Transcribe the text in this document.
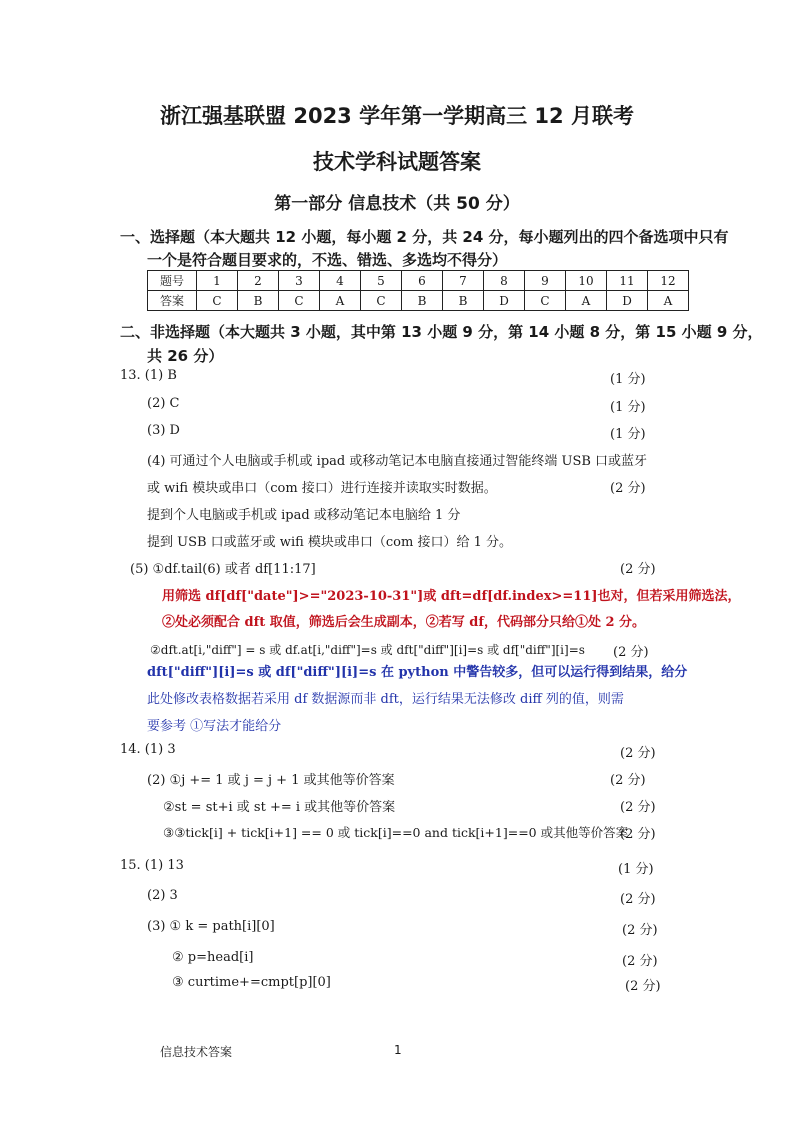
浙江强基联盟 2023 学年第一学期高三 12 月联考
技术学科试题答案
第一部分 信息技术（共 50 分）
一、选择题（本大题共 12 小题，每小题 2 分，共 24 分，每小题列出的四个备选项中只有
一个是符合题目要求的，不选、错选、多选均不得分）
题号	1	2	3	4	5	6	7	8	9	10	11	12
答案	C	B	C	A	C	B	B	D	C	A	D	A
二、非选择题（本大题共 3 小题，其中第 13 小题 9 分，第 14 小题 8 分，第 15 小题 9 分，
共 26 分）
13. (1) B	(1 分)
(2) C	(1 分)
(3) D	(1 分)
(4) 可通过个人电脑或手机或 ipad 或移动笔记本电脑直接通过智能终端 USB 口或蓝牙
或 wifi 模块或串口（com 接口）进行连接并读取实时数据。	(2 分)
提到个人电脑或手机或 ipad 或移动笔记本电脑给 1 分
提到 USB 口或蓝牙或 wifi 模块或串口（com 接口）给 1 分。
(5) ①df.tail(6) 或者 df[11:17]	(2 分)
用筛选 df[df["date"]>="2023-10-31"]或 dft=df[df.index>=11]也对，但若采用筛选法，
②处必须配合 dft 取值，筛选后会生成副本，②若写 df，代码部分只给①处 2 分。
②dft.at[i,"diff"] = s 或 df.at[i,"diff"]=s 或 dft["diff"][i]=s 或 df["diff"][i]=s (2 分)
dft["diff"][i]=s 或 df["diff"][i]=s 在 python 中警告较多，但可以运行得到结果，给分
此处修改表格数据若采用 df 数据源而非 dft，运行结果无法修改 diff 列的值，则需
要参考 ①写法才能给分
14. (1) 3	(2 分)
(2) ①j += 1 或 j = j + 1 或其他等价答案	(2 分)
②st = st+i 或 st += i 或其他等价答案	(2 分)
③③tick[i] + tick[i+1] == 0 或 tick[i]==0 and tick[i+1]==0 或其他等价答案
(2 分)
15. (1) 13	(1 分)
(2) 3	(2 分)
(3) ① k = path[i][0]	(2 分)
② p=head[i]	(2 分)
③ curtime+=cmpt[p][0]	(2 分)
信息技术答案	1
